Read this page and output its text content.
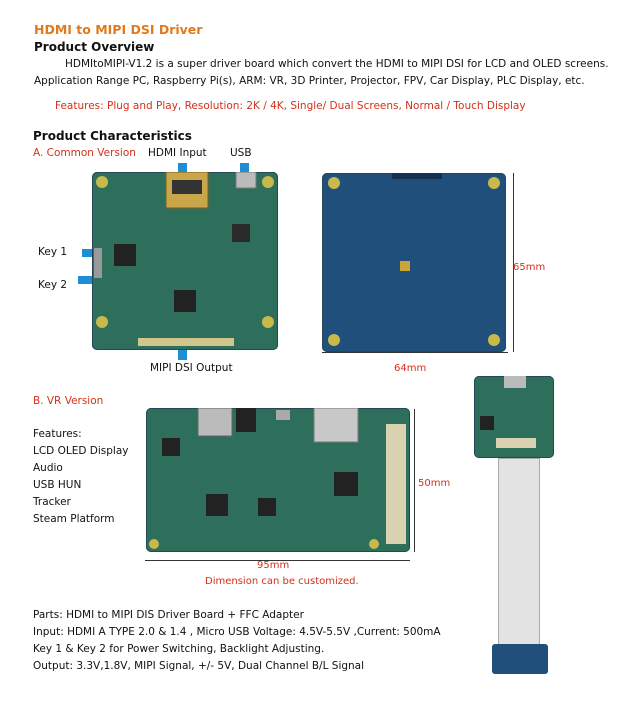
HDMI to MIPI DSI Driver
Product Overview
HDMItoMIPI-V1.2 is a super driver board which convert the HDMI to MIPI DSI for LCD and OLED screens.
Application Range PC, Raspberry Pi(s), ARM: VR, 3D Printer, Projector, FPV, Car Display, PLC Display, etc.
Features: Plug and Play, Resolution: 2K / 4K, Single/ Dual Screens, Normal / Touch Display
Product Characteristics
A. Common Version HDMI Input USB
Key 1
Key 2
MIPI DSI Output
65mm
64mm
B. VR Version
Features:
LCD OLED Display
Audio
USB HUN
Tracker
Steam Platform
50mm
95mm
Dimension can be customized.
Parts: HDMI to MIPI DIS Driver Board + FFC Adapter
Input: HDMI A TYPE 2.0 & 1.4 , Micro USB Voltage: 4.5V-5.5V ,Current: 500mA
Key 1 & Key 2 for Power Switching, Backlight Adjusting.
Output: 3.3V,1.8V, MIPI Signal, +/- 5V, Dual Channel B/L Signal
